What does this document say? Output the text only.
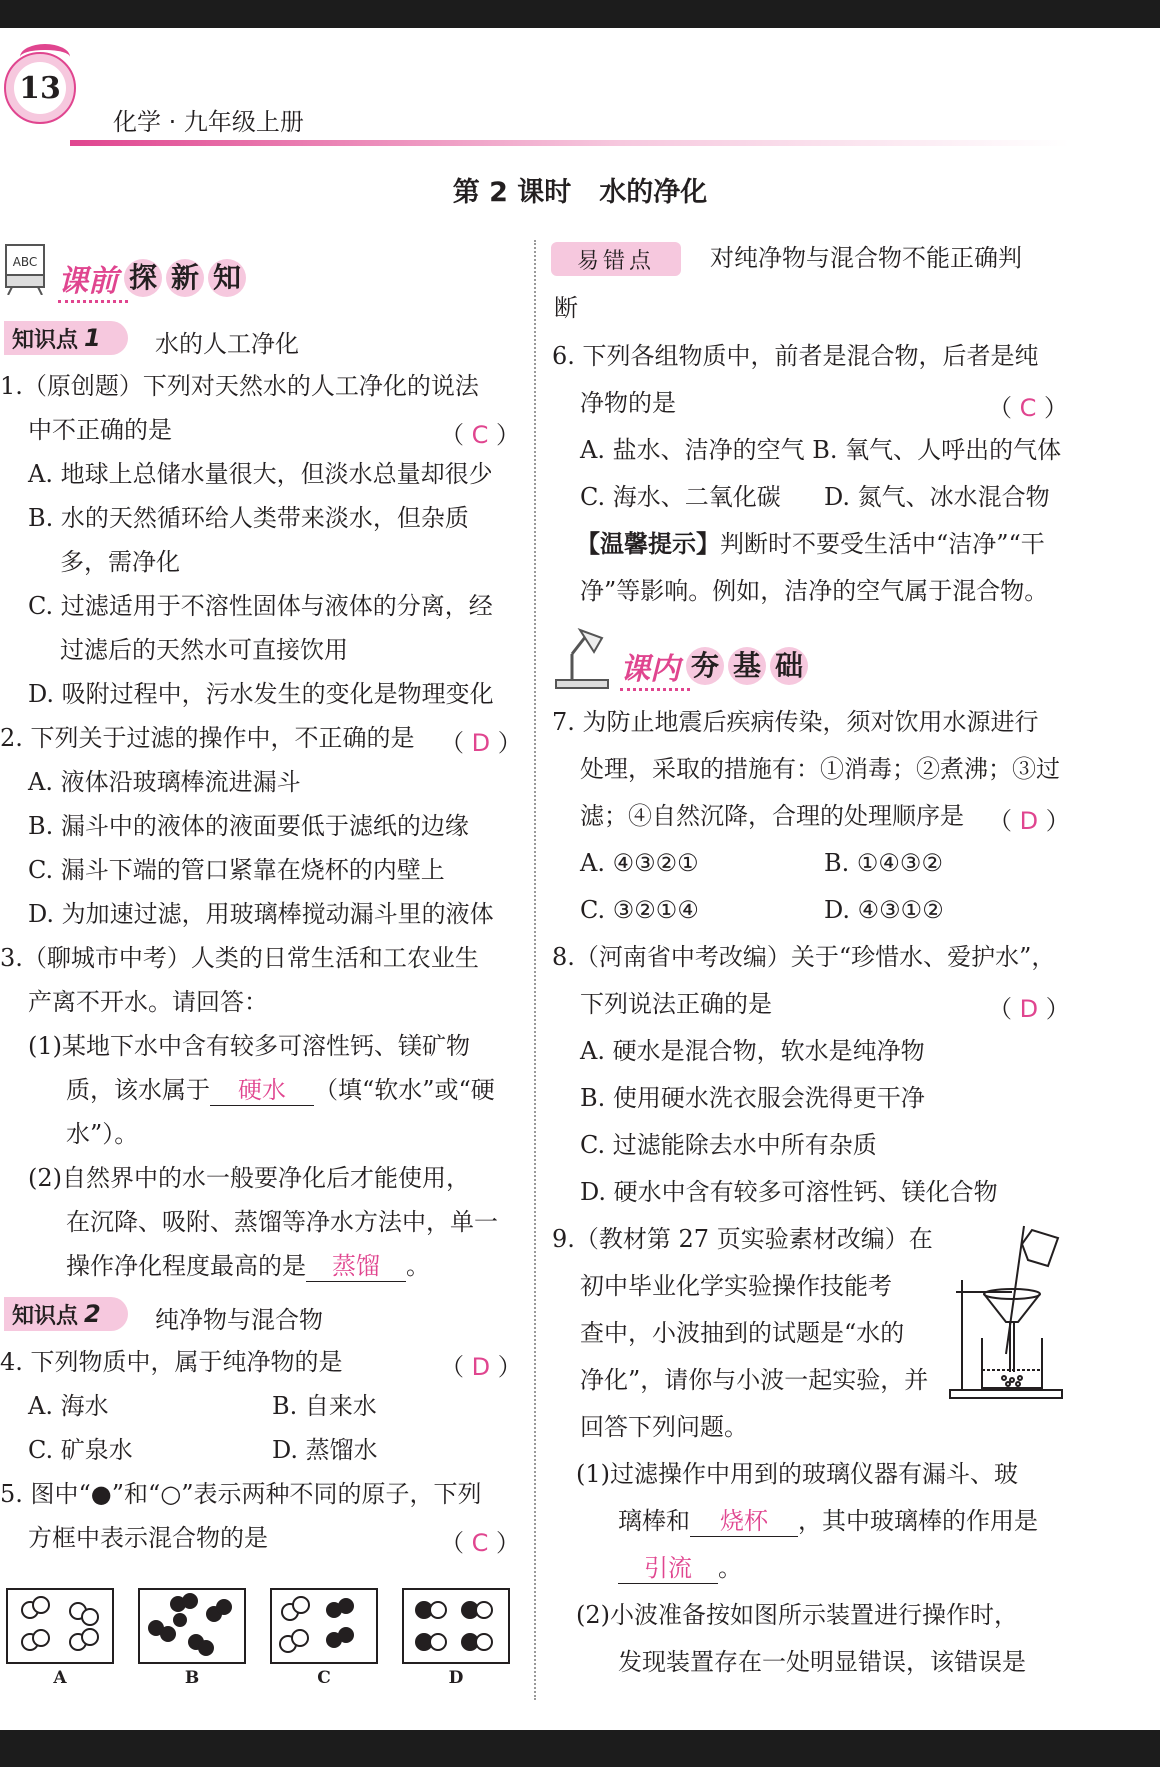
13
化学 · 九年级上册
第 2 课时 水的净化
ABC
课前 探 新 知
知识点 1 水的人工净化
1.（原创题）下列对天然水的人工净化的说法
中不正确的是	（ C ）
A. 地球上总储水量很大，但淡水总量却很少
B. 水的天然循环给人类带来淡水，但杂质
多，需净化
C. 过滤适用于不溶性固体与液体的分离，经
过滤后的天然水可直接饮用
D. 吸附过程中，污水发生的变化是物理变化
2. 下列关于过滤的操作中，不正确的是 （ D ）
A. 液体沿玻璃棒流进漏斗
B. 漏斗中的液体的液面要低于滤纸的边缘
C. 漏斗下端的管口紧靠在烧杯的内壁上
D. 为加速过滤，用玻璃棒搅动漏斗里的液体
3.（聊城市中考）人类的日常生活和工农业生
产离不开水。请回答：
(1)某地下水中含有较多可溶性钙、镁矿物
质，该水属于 硬水 （填“软水”或“硬
水”）。
(2)自然界中的水一般要净化后才能使用，
在沉降、吸附、蒸馏等净水方法中，单一
操作净化程度最高的是 蒸馏 。
知识点 2 纯净物与混合物
4. 下列物质中，属于纯净物的是	（ D ）
A. 海水	B. 自来水
C. 矿泉水	D. 蒸馏水
5. 图中“●”和“○”表示两种不同的原子，下列
方框中表示混合物的是	（ C ）
A	B	C	D
易错点	对纯净物与混合物不能正确判
断
6. 下列各组物质中，前者是混合物，后者是纯
净物的是	（ C ）
A. 盐水、洁净的空气 B. 氧气、人呼出的气体
C. 海水、二氧化碳 D. 氮气、冰水混合物
【温馨提示】判断时不要受生活中“洁净”“干
净”等影响。例如，洁净的空气属于混合物。
课内 夯 基 础
7. 为防止地震后疾病传染，须对饮用水源进行
处理，采取的措施有：①消毒；②煮沸；③过
滤；④自然沉降，合理的处理顺序是 （ D ）
A. ④③②①	B. ①④③②
C. ③②①④	D. ④③①②
8.（河南省中考改编）关于“珍惜水、爱护水”，
下列说法正确的是	（ D ）
A. 硬水是混合物，软水是纯净物
B. 使用硬水洗衣服会洗得更干净
C. 过滤能除去水中所有杂质
D. 硬水中含有较多可溶性钙、镁化合物
9.（教材第 27 页实验素材改编）在
初中毕业化学实验操作技能考
查中，小波抽到的试题是“水的
净化”，请你与小波一起实验，并
回答下列问题。
(1)过滤操作中用到的玻璃仪器有漏斗、玻
璃棒和 烧杯 ，其中玻璃棒的作用是
引流 。
(2)小波准备按如图所示装置进行操作时，
发现装置存在一处明显错误，该错误是
